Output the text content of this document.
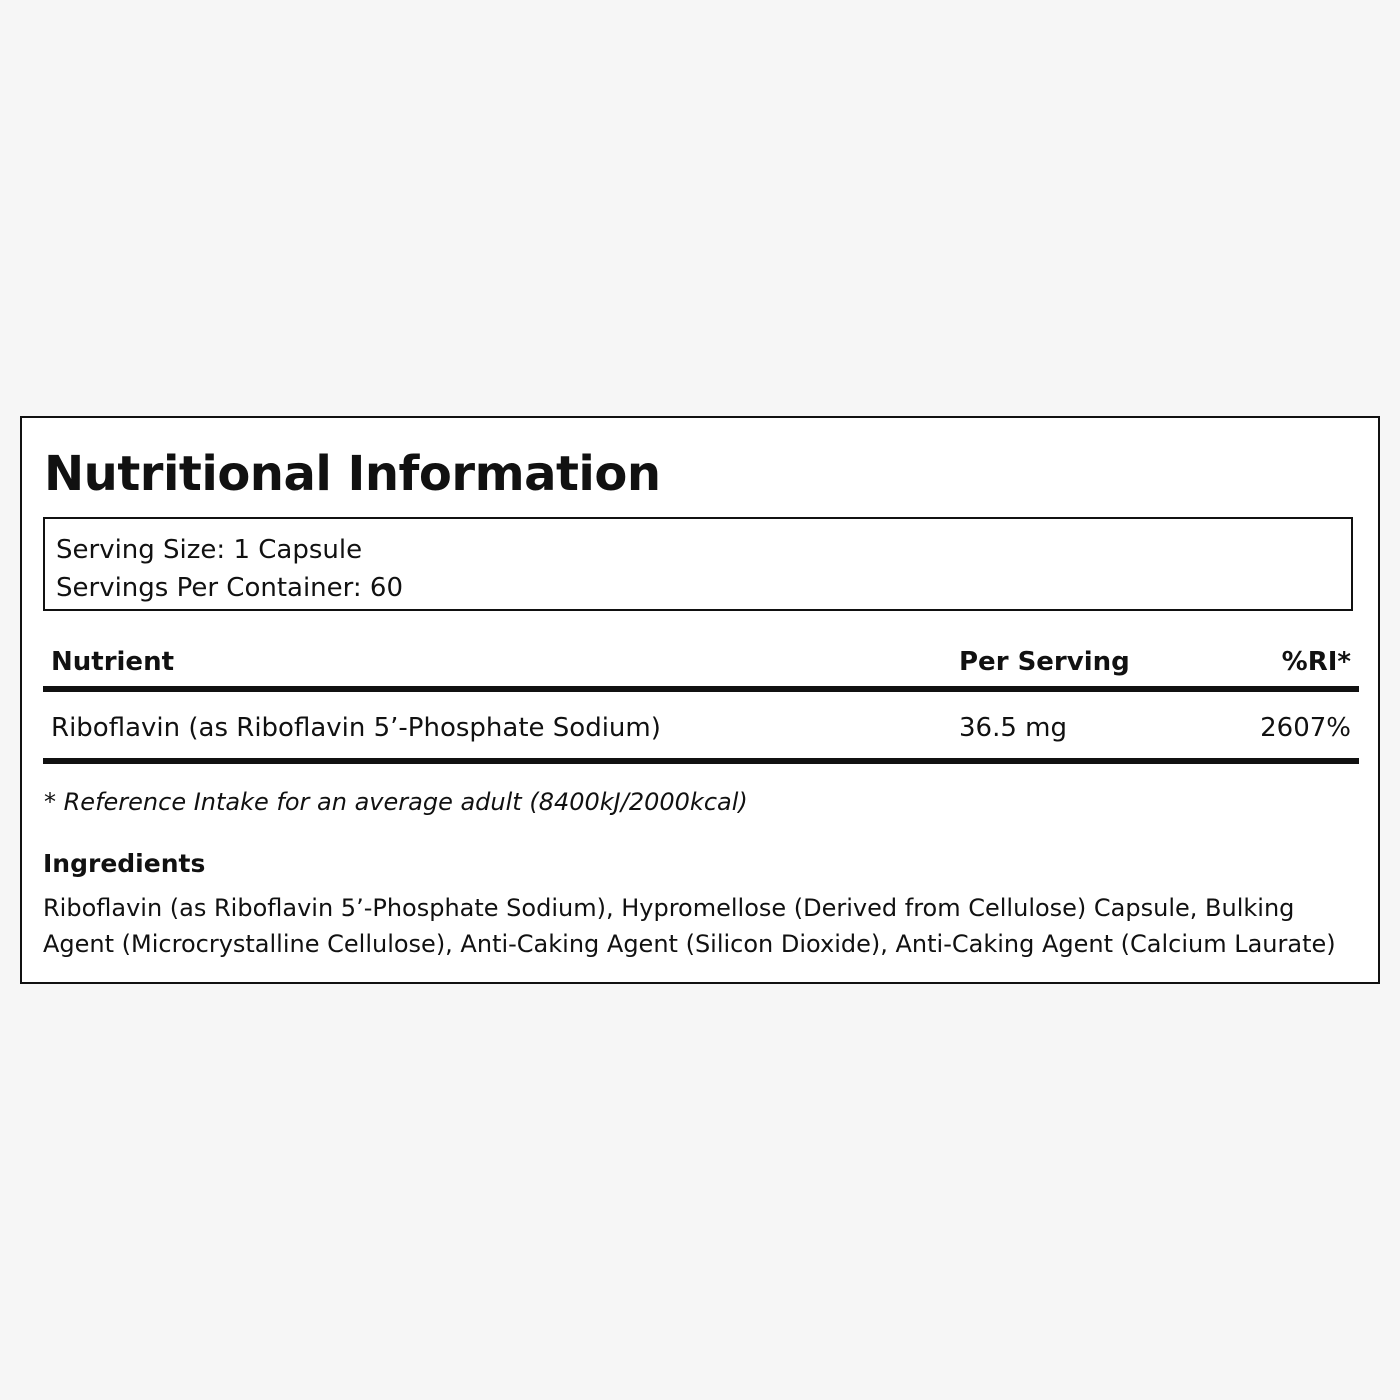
Nutritional Information
Serving Size: 1 Capsule
Servings Per Container: 60
Nutrient	Per Serving	%RI*
Riboflavin (as Riboflavin 5’-Phosphate Sodium)	36.5 mg	2607%
* Reference Intake for an average adult (8400kJ/2000kcal)
Ingredients
Riboflavin (as Riboflavin 5’-Phosphate Sodium), Hypromellose (Derived from Cellulose) Capsule, Bulking Agent (Microcrystalline Cellulose), Anti-Caking Agent (Silicon Dioxide), Anti-Caking Agent (Calcium Laurate)
